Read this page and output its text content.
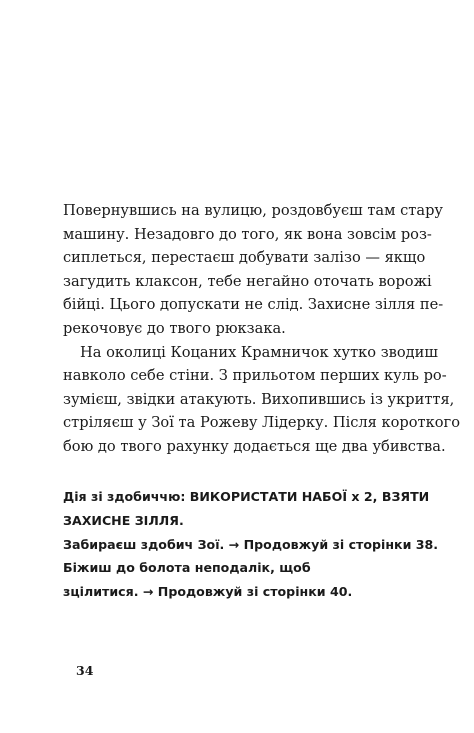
Повернувшись на вулицю, роздовбуєш там стару
машину. Незадовго до того, як вона зовсім роз-
сиплеться, перестаєш добувати залізо — якщо
загудить клаксон, тебе негайно оточать ворожі
бійці. Цього допускати не слід. Захисне зілля пе-
рекочовує до твого рюкзака.

На околиці Коцаних Крамничок хутко зводиш
навколо себе стіни. З прильотом перших куль ро-
зумієш, звідки атакують. Вихопившись із укриття,
стріляєш у Зої та Рожеву Лідерку. Після короткого
бою до твого рахунку додається ще два убивства.

Дія зі здобиччю: ВИКОРИСТАТИ НАБОЇ x 2, ВЗЯТИ
ЗАХИСНЕ ЗІЛЛЯ.
Забираєш здобич Зої. → Продовжуй зі сторінки 38.
Біжиш до болота неподалік, щоб
зцілитися. → Продовжуй зі сторінки 40.
34
